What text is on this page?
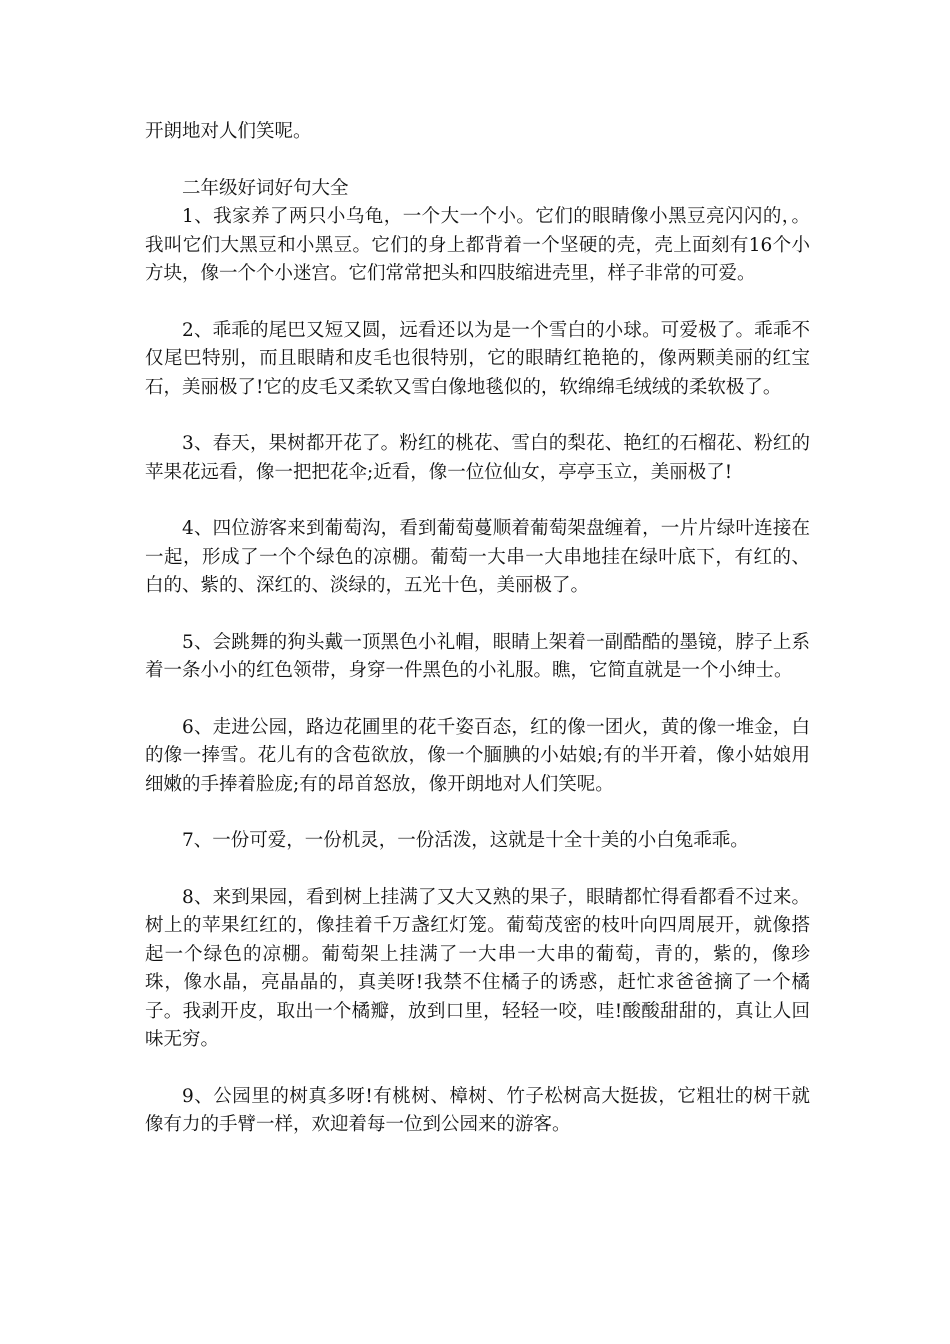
开朗地对人们笑呢。

二年级好词好句大全

1、我家养了两只小乌龟，一个大一个小。它们的眼睛像小黑豆亮闪闪的，。我叫它们大黑豆和小黑豆。它们的身上都背着一个坚硬的壳，壳上面刻有16个小方块，像一个个小迷宫。它们常常把头和四肢缩进壳里，样子非常的可爱。

2、乖乖的尾巴又短又圆，远看还以为是一个雪白的小球。可爱极了。乖乖不仅尾巴特别，而且眼睛和皮毛也很特别，它的眼睛红艳艳的，像两颗美丽的红宝石，美丽极了!它的皮毛又柔软又雪白像地毯似的，软绵绵毛绒绒的柔软极了。

3、春天，果树都开花了。粉红的桃花、雪白的梨花、艳红的石榴花、粉红的苹果花远看，像一把把花伞;近看，像一位位仙女，亭亭玉立，美丽极了!

4、四位游客来到葡萄沟，看到葡萄蔓顺着葡萄架盘缠着，一片片绿叶连接在一起，形成了一个个绿色的凉棚。葡萄一大串一大串地挂在绿叶底下，有红的、白的、紫的、深红的、淡绿的，五光十色，美丽极了。

5、会跳舞的狗头戴一顶黑色小礼帽，眼睛上架着一副酷酷的墨镜，脖子上系着一条小小的红色领带，身穿一件黑色的小礼服。瞧，它简直就是一个小绅士。

6、走进公园，路边花圃里的花千姿百态，红的像一团火，黄的像一堆金，白的像一捧雪。花儿有的含苞欲放，像一个腼腆的小姑娘;有的半开着，像小姑娘用细嫩的手捧着脸庞;有的昂首怒放，像开朗地对人们笑呢。

7、一份可爱，一份机灵，一份活泼，这就是十全十美的小白兔乖乖。

8、来到果园，看到树上挂满了又大又熟的果子，眼睛都忙得看都看不过来。树上的苹果红红的，像挂着千万盏红灯笼。葡萄茂密的枝叶向四周展开，就像搭起一个绿色的凉棚。葡萄架上挂满了一大串一大串的葡萄，青的，紫的，像珍珠，像水晶，亮晶晶的，真美呀!我禁不住橘子的诱惑，赶忙求爸爸摘了一个橘子。我剥开皮，取出一个橘瓣，放到口里，轻轻一咬，哇!酸酸甜甜的，真让人回味无穷。

9、公园里的树真多呀!有桃树、樟树、竹子松树高大挺拔，它粗壮的树干就像有力的手臂一样，欢迎着每一位到公园来的游客。
